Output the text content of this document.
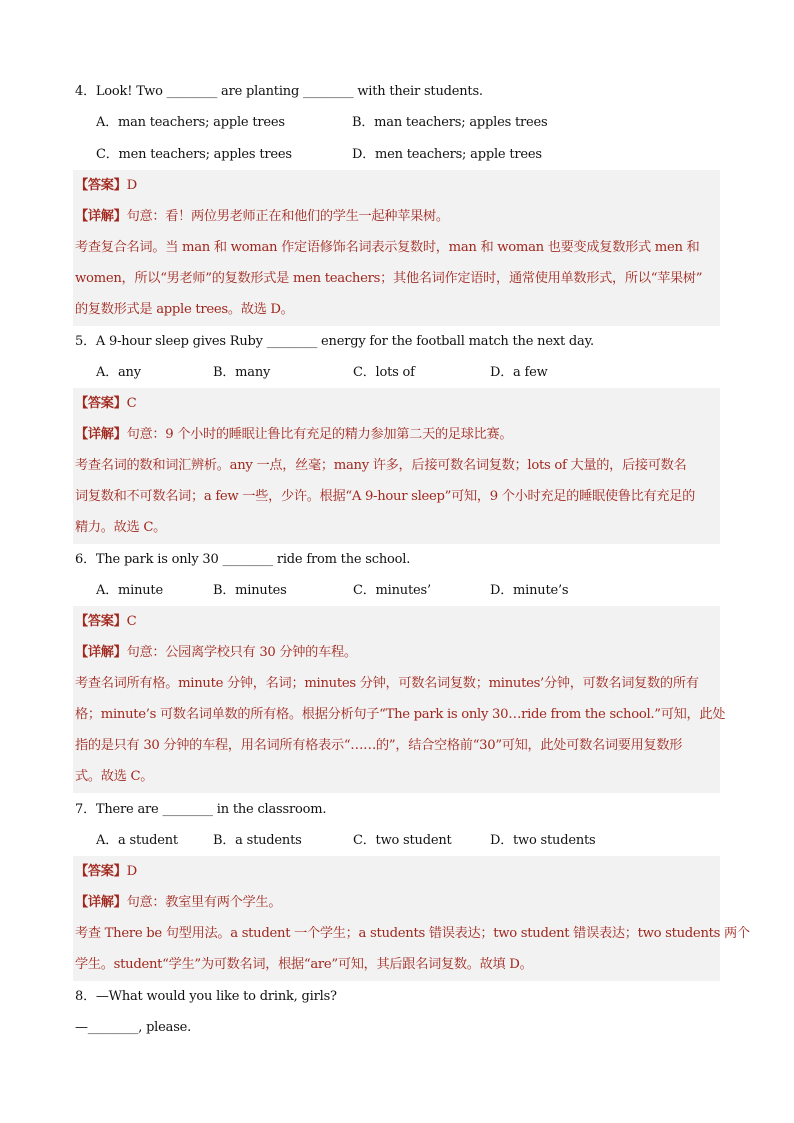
4．Look! Two ________ are planting ________ with their students.
A．man teachers; apple trees	B．man teachers; apples trees
C．men teachers; apples trees	D．men teachers; apple trees
【答案】D
【详解】句意：看！两位男老师正在和他们的学生一起种苹果树。
考查复合名词。当 man 和 woman 作定语修饰名词表示复数时，man 和 woman 也要变成复数形式 men 和
women，所以“男老师”的复数形式是 men teachers；其他名词作定语时，通常使用单数形式，所以“苹果树”
的复数形式是 apple trees。故选 D。
5．A 9-hour sleep gives Ruby ________ energy for the football match the next day.
A．any	B．many	C．lots of	D．a few
【答案】C
【详解】句意：9 个小时的睡眠让鲁比有充足的精力参加第二天的足球比赛。
考查名词的数和词汇辨析。any 一点，丝毫；many 许多，后接可数名词复数；lots of 大量的，后接可数名
词复数和不可数名词；a few 一些，少许。根据“A 9-hour sleep”可知，9 个小时充足的睡眠使鲁比有充足的
精力。故选 C。
6．The park is only 30 ________ ride from the school.
A．minute	B．minutes	C．minutes’	D．minute’s
【答案】C
【详解】句意：公园离学校只有 30 分钟的车程。
考查名词所有格。minute 分钟，名词；minutes 分钟，可数名词复数；minutes’分钟，可数名词复数的所有
格；minute’s 可数名词单数的所有格。根据分析句子“The park is only 30…ride from the school.”可知，此处
指的是只有 30 分钟的车程，用名词所有格表示“……的”，结合空格前“30”可知，此处可数名词要用复数形
式。故选 C。
7．There are ________ in the classroom.
A．a student	B．a students	C．two student	D．two students
【答案】D
【详解】句意：教室里有两个学生。
考查 There be 句型用法。a student 一个学生；a students 错误表达；two student 错误表达；two students 两个
学生。student“学生”为可数名词，根据“are”可知，其后跟名词复数。故填 D。
8．—What would you like to drink, girls?
—________, please.
